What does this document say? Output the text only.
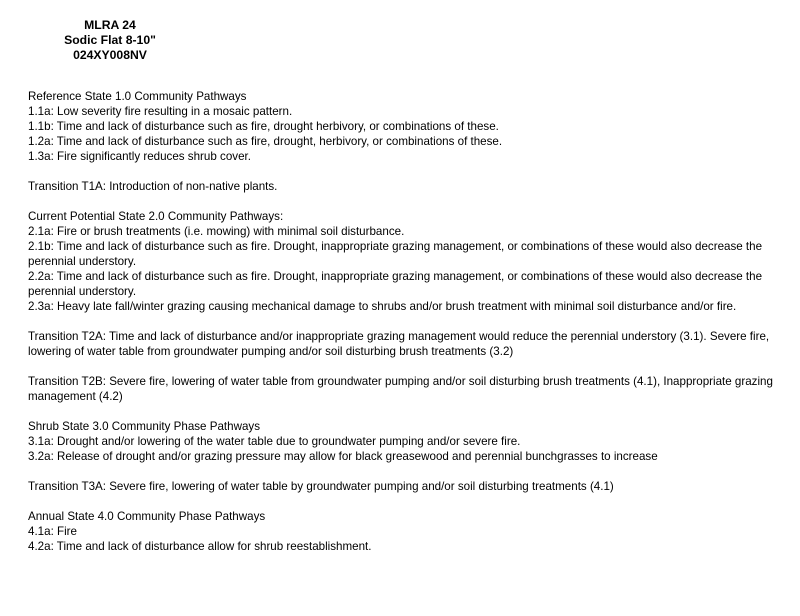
MLRA 24
Sodic Flat 8-10"
024XY008NV

Reference State 1.0 Community Pathways

1.1a: Low severity fire resulting in a mosaic pattern.

1.1b: Time and lack of disturbance such as fire, drought herbivory, or combinations of these.

1.2a: Time and lack of disturbance such as fire, drought, herbivory, or combinations of these.

1.3a: Fire significantly reduces shrub cover.

Transition T1A: Introduction of non-native plants.

Current Potential State 2.0 Community Pathways:

2.1a: Fire or brush treatments (i.e. mowing) with minimal soil disturbance.

2.1b: Time and lack of disturbance such as fire. Drought, inappropriate grazing management, or combinations of these would also decrease the perennial understory.

2.2a: Time and lack of disturbance such as fire. Drought, inappropriate grazing management, or combinations of these would also decrease the perennial understory.

2.3a: Heavy late fall/winter grazing causing mechanical damage to shrubs and/or brush treatment with minimal soil disturbance and/or fire.

Transition T2A: Time and lack of disturbance and/or inappropriate grazing management would reduce the perennial understory (3.1). Severe fire, lowering of water table from groundwater pumping and/or soil disturbing brush treatments (3.2)

Transition T2B: Severe fire, lowering of water table from groundwater pumping and/or soil disturbing brush treatments (4.1), Inappropriate grazing management (4.2)

Shrub State 3.0 Community Phase Pathways

3.1a: Drought and/or lowering of the water table due to groundwater pumping and/or severe fire.

3.2a: Release of drought and/or grazing pressure may allow for black greasewood and perennial bunchgrasses to increase

Transition T3A: Severe fire, lowering of water table by groundwater pumping and/or soil disturbing treatments (4.1)

Annual State 4.0 Community Phase Pathways

4.1a: Fire

4.2a: Time and lack of disturbance allow for shrub reestablishment.
